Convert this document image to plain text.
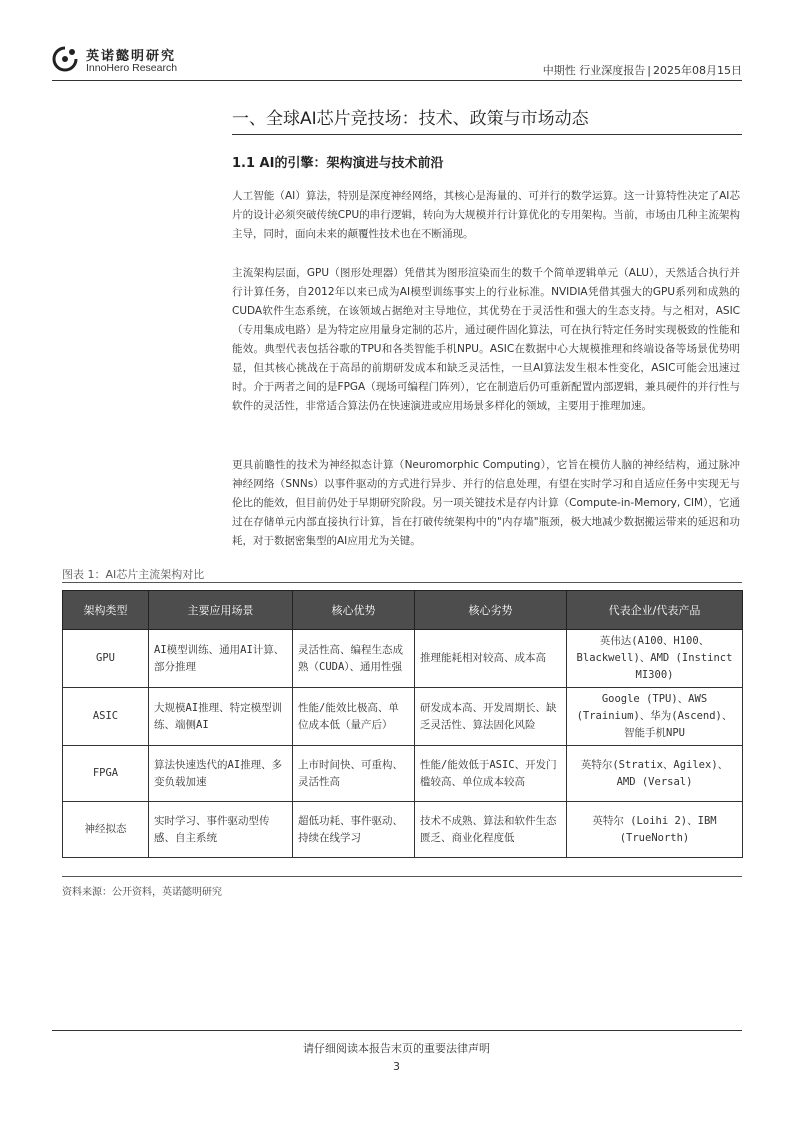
英诺懿明研究
InnoHero Research	中期性 行业深度报告 | 2025年08月15日
一、全球AI芯片竞技场：技术、政策与市场动态
1.1 AI的引擎：架构演进与技术前沿

人工智能（AI）算法，特别是深度神经网络，其核心是海量的、可并行的数学运算。这一计算特性决定了AI芯片的设计必须突破传统CPU的串行逻辑，转向为大规模并行计算优化的专用架构。当前，市场由几种主流架构主导，同时，面向未来的颠覆性技术也在不断涌现。

主流架构层面，GPU（图形处理器）凭借其为图形渲染而生的数千个简单逻辑单元（ALU），天然适合执行并行计算任务，自2012年以来已成为AI模型训练事实上的行业标准。NVIDIA凭借其强大的GPU系列和成熟的CUDA软件生态系统，在该领域占据绝对主导地位，其优势在于灵活性和强大的生态支持。与之相对，ASIC（专用集成电路）是为特定应用量身定制的芯片，通过硬件固化算法，可在执行特定任务时实现极致的性能和能效。典型代表包括谷歌的TPU和各类智能手机NPU。ASIC在数据中心大规模推理和终端设备等场景优势明显，但其核心挑战在于高昂的前期研发成本和缺乏灵活性，一旦AI算法发生根本性变化，ASIC可能会迅速过时。介于两者之间的是FPGA（现场可编程门阵列），它在制造后仍可重新配置内部逻辑，兼具硬件的并行性与软件的灵活性，非常适合算法仍在快速演进或应用场景多样化的领域，主要用于推理加速。

更具前瞻性的技术为神经拟态计算（Neuromorphic Computing），它旨在模仿人脑的神经结构，通过脉冲神经网络（SNNs）以事件驱动的方式进行异步、并行的信息处理，有望在实时学习和自适应任务中实现无与伦比的能效，但目前仍处于早期研究阶段。另一项关键技术是存内计算（Compute-in-Memory, CIM），它通过在存储单元内部直接执行计算，旨在打破传统架构中的"内存墙"瓶颈，极大地减少数据搬运带来的延迟和功耗，对于数据密集型的AI应用尤为关键。

图表 1：AI芯片主流架构对比
架构类型	主要应用场景	核心优势	核心劣势	代表企业/代表产品
GPU	AI模型训练、通用AI计算、部分推理	灵活性高、编程生态成熟（CUDA）、通用性强	推理能耗相对较高、成本高	英伟达(A100、H100、Blackwell)、AMD (Instinct MI300)
ASIC	大规模AI推理、特定模型训练、端侧AI	性能/能效比极高、单位成本低（量产后）	研发成本高、开发周期长、缺乏灵活性、算法固化风险	Google (TPU)、AWS (Trainium)、华为(Ascend)、智能手机NPU
FPGA	算法快速迭代的AI推理、多变负载加速	上市时间快、可重构、灵活性高	性能/能效低于ASIC、开发门槛较高、单位成本较高	英特尔(Stratix、Agilex)、AMD (Versal)
神经拟态	实时学习、事件驱动型传感、自主系统	超低功耗、事件驱动、持续在线学习	技术不成熟、算法和软件生态匮乏、商业化程度低	英特尔 (Loihi 2)、IBM (TrueNorth)
资料来源：公开资料，英诺懿明研究
请仔细阅读本报告末页的重要法律声明
3
